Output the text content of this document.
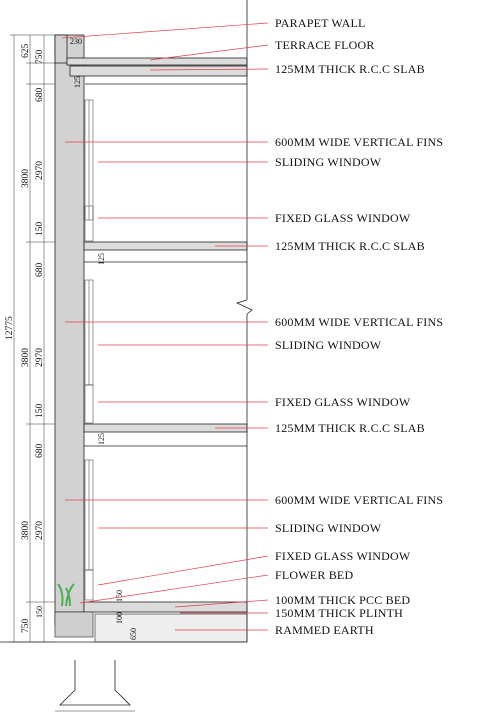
12775
625 750
230
125
125
125
3800 2970
680
150
680
3800 2970
150
680
3800 2970
750
150
150
100
650
PARAPET WALL
TERRACE FLOOR
125MM THICK R.C.C SLAB
600MM WIDE VERTICAL FINS
SLIDING WINDOW
FIXED GLASS WINDOW
125MM THICK R.C.C SLAB
600MM WIDE VERTICAL FINS
SLIDING WINDOW
FIXED GLASS WINDOW
125MM THICK R.C.C SLAB
600MM WIDE VERTICAL FINS
SLIDING WINDOW
FIXED GLASS WINDOW
FLOWER BED
100MM THICK PCC BED
150MM THICK PLINTH
RAMMED EARTH
